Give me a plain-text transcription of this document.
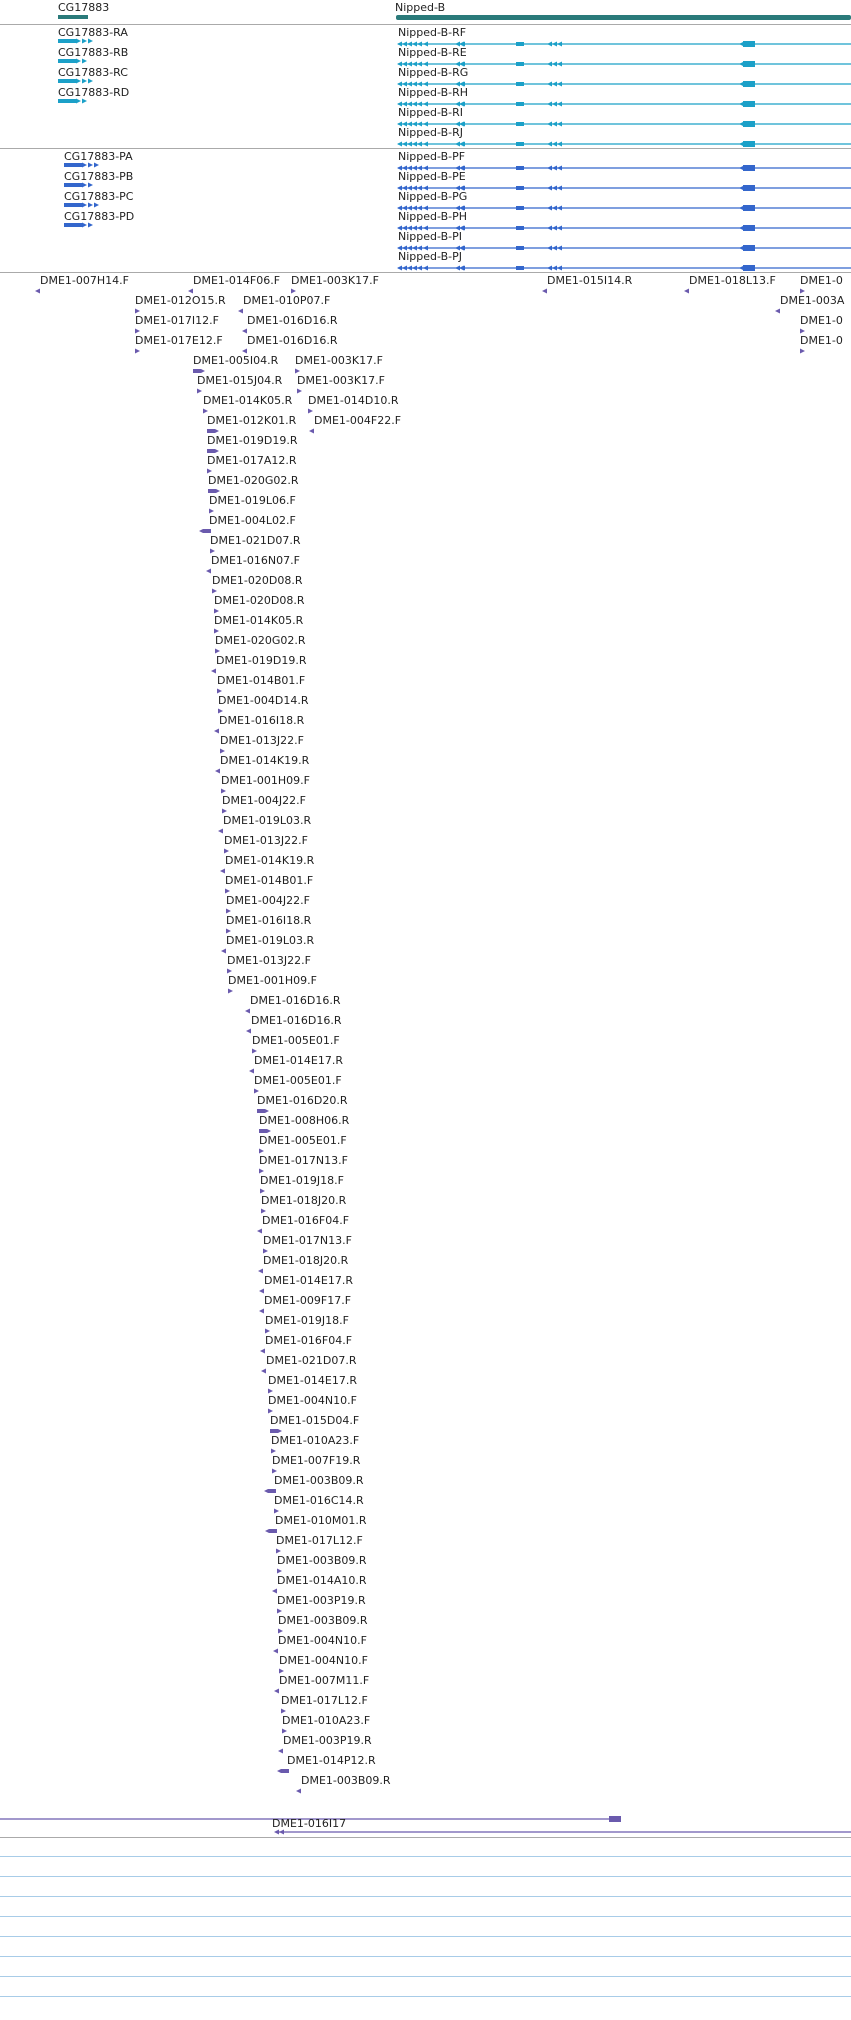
CG17883	Nipped-B
CG17883-RA
CG17883-RB
CG17883-RC
CG17883-RD
Nipped-B-RF
Nipped-B-RE
Nipped-B-RG
Nipped-B-RH
Nipped-B-RI
Nipped-B-RJ
CG17883-PA
CG17883-PB
CG17883-PC
CG17883-PD
Nipped-B-PF
Nipped-B-PE
Nipped-B-PG
Nipped-B-PH
Nipped-B-PI
Nipped-B-PJ
DME1-007H14.F	DME1-014F06.F DME1-003K17.F	DME1-015I14.R	DME1-018L13.F DME1-0
DME1-012O15.R DME1-010P07.F	DME1-003A
DME1-017I12.F	DME1-016D16.R	DME1-0
DME1-017E12.F DME1-016D16.R	DME1-0
DME1-005I04.R DME1-003K17.F
DME1-015J04.R DME1-003K17.F
DME1-014K05.R DME1-014D10.R
DME1-012K01.R DME1-004F22.F
DME1-019D19.R
DME1-017A12.R
DME1-020G02.R
DME1-019L06.F
DME1-004L02.F
DME1-021D07.R
DME1-016N07.F
DME1-020D08.R
DME1-020D08.R
DME1-014K05.R
DME1-020G02.R
DME1-019D19.R
DME1-014B01.F
DME1-004D14.R
DME1-016I18.R
DME1-013J22.F
DME1-014K19.R
DME1-001H09.F
DME1-004J22.F
DME1-019L03.R
DME1-013J22.F
DME1-014K19.R
DME1-014B01.F
DME1-004J22.F
DME1-016I18.R
DME1-019L03.R
DME1-013J22.F
DME1-001H09.F
DME1-016D16.R
DME1-016D16.R
DME1-005E01.F
DME1-014E17.R
DME1-005E01.F
DME1-016D20.R
DME1-008H06.R
DME1-005E01.F
DME1-017N13.F
DME1-019J18.F
DME1-018J20.R
DME1-016F04.F
DME1-017N13.F
DME1-018J20.R
DME1-014E17.R
DME1-009F17.F
DME1-019J18.F
DME1-016F04.F
DME1-021D07.R
DME1-014E17.R
DME1-004N10.F
DME1-015D04.F
DME1-010A23.F
DME1-007F19.R
DME1-003B09.R
DME1-016C14.R
DME1-010M01.R
DME1-017L12.F
DME1-003B09.R
DME1-014A10.R
DME1-003P19.R
DME1-003B09.R
DME1-004N10.F
DME1-004N10.F
DME1-007M11.F
DME1-017L12.F
DME1-010A23.F
DME1-003P19.R
DME1-014P12.R
DME1-003B09.R
DME1-016I17
